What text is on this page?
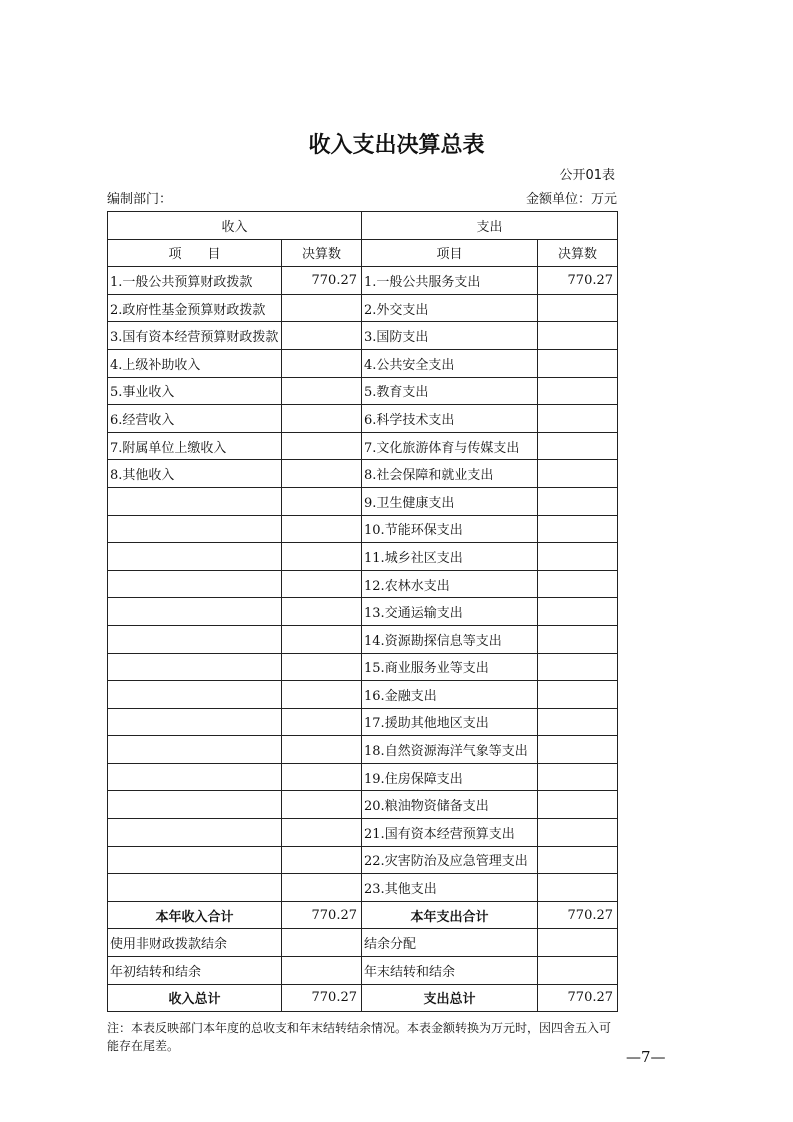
收入支出决算总表
公开01表
编制部门：	金额单位：万元
收入		支出	
项　　目	决算数	项目	决算数
1.一般公共预算财政拨款	770.27	1.一般公共服务支出	770.27
2.政府性基金预算财政拨款		2.外交支出	
3.国有资本经营预算财政拨款		3.国防支出	
4.上级补助收入		4.公共安全支出	
5.事业收入		5.教育支出	
6.经营收入		6.科学技术支出	
7.附属单位上缴收入		7.文化旅游体育与传媒支出	
8.其他收入		8.社会保障和就业支出	
		9.卫生健康支出	
		10.节能环保支出	
		11.城乡社区支出	
		12.农林水支出	
		13.交通运输支出	
		14.资源勘探信息等支出	
		15.商业服务业等支出	
		16.金融支出	
		17.援助其他地区支出	
		18.自然资源海洋气象等支出	
		19.住房保障支出	
		20.粮油物资储备支出	
		21.国有资本经营预算支出	
		22.灾害防治及应急管理支出	
		23.其他支出	
本年收入合计	770.27	本年支出合计	770.27
使用非财政拨款结余		结余分配	
年初结转和结余		年末结转和结余	
收入总计	770.27	支出总计	770.27
注：本表反映部门本年度的总收支和年末结转结余情况。本表金额转换为万元时，因四舍五入可能存在尾差。
—7—
